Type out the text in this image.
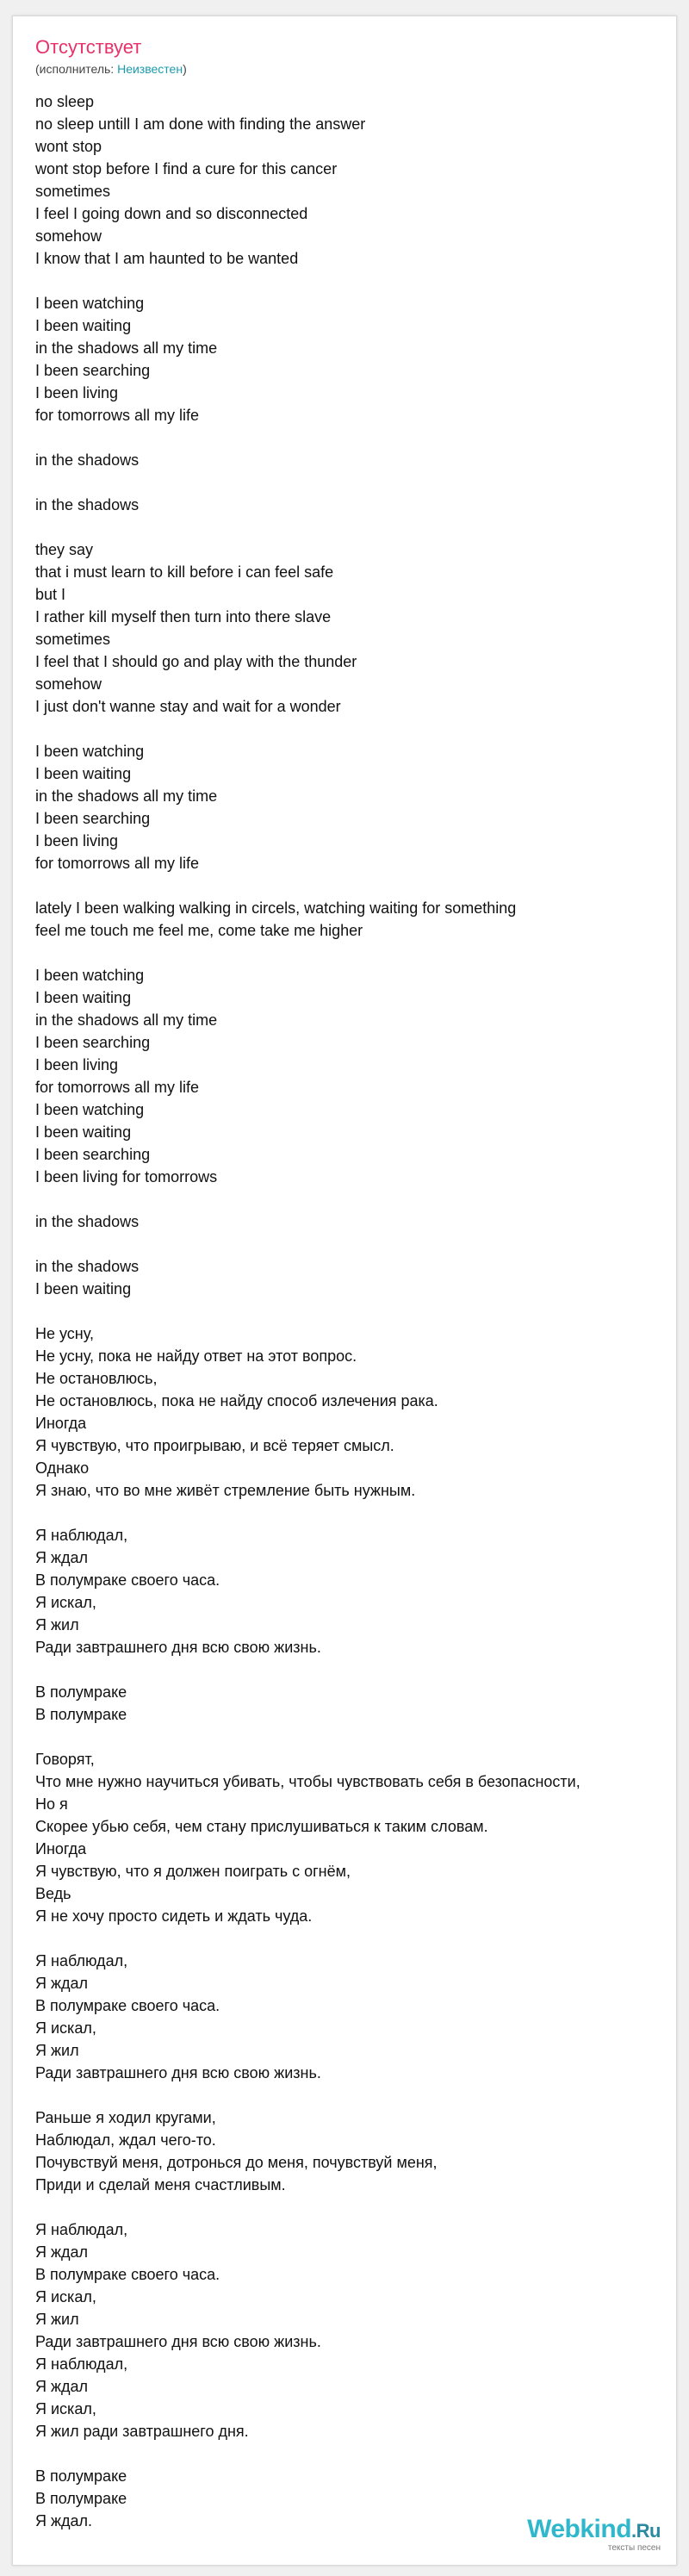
Отсутствует
(исполнитель: Неизвестен)
no sleep
no sleep untill I am done with finding the answer
wont stop
wont stop before I find a cure for this cancer
sometimes
I feel I going down and so disconnected
somehow
I know that I am haunted to be wanted
I been watching
I been waiting
in the shadows all my time
I been searching
I been living
for tomorrows all my life
in the shadows
in the shadows
they say
that i must learn to kill before i can feel safe
but I
I rather kill myself then turn into there slave
sometimes
I feel that I should go and play with the thunder
somehow
I just don't wanne stay and wait for a wonder
I been watching
I been waiting
in the shadows all my time
I been searching
I been living
for tomorrows all my life
lately I been walking walking in circels, watching waiting for something
feel me touch me feel me, come take me higher
I been watching
I been waiting
in the shadows all my time
I been searching
I been living
for tomorrows all my life
I been watching
I been waiting
I been searching
I been living for tomorrows
in the shadows
in the shadows
I been waiting
Не усну,
Не усну, пока не найду ответ на этот вопрос.
Не остановлюсь,
Не остановлюсь, пока не найду способ излечения рака.
Иногда
Я чувствую, что проигрываю, и всё теряет смысл.
Однако
Я знаю, что во мне живёт стремление быть нужным.
Я наблюдал,
Я ждал
В полумраке своего часа.
Я искал,
Я жил
Ради завтрашнего дня всю свою жизнь.
В полумраке
В полумраке
Говорят,
Что мне нужно научиться убивать, чтобы чувствовать себя в безопасности,
Но я
Скорее убью себя, чем стану прислушиваться к таким словам.
Иногда
Я чувствую, что я должен поиграть с огнём,
Ведь
Я не хочу просто сидеть и ждать чуда.
Я наблюдал,
Я ждал
В полумраке своего часа.
Я искал,
Я жил
Ради завтрашнего дня всю свою жизнь.
Раньше я ходил кругами,
Наблюдал, ждал чего-то.
Почувствуй меня, дотронься до меня, почувствуй меня,
Приди и сделай меня счастливым.
Я наблюдал,
Я ждал
В полумраке своего часа.
Я искал,
Я жил
Ради завтрашнего дня всю свою жизнь.
Я наблюдал,
Я ждал
Я искал,
Я жил ради завтрашнего дня.
В полумраке
В полумраке
Я ждал.	Webkind.Ru
тексты песен
